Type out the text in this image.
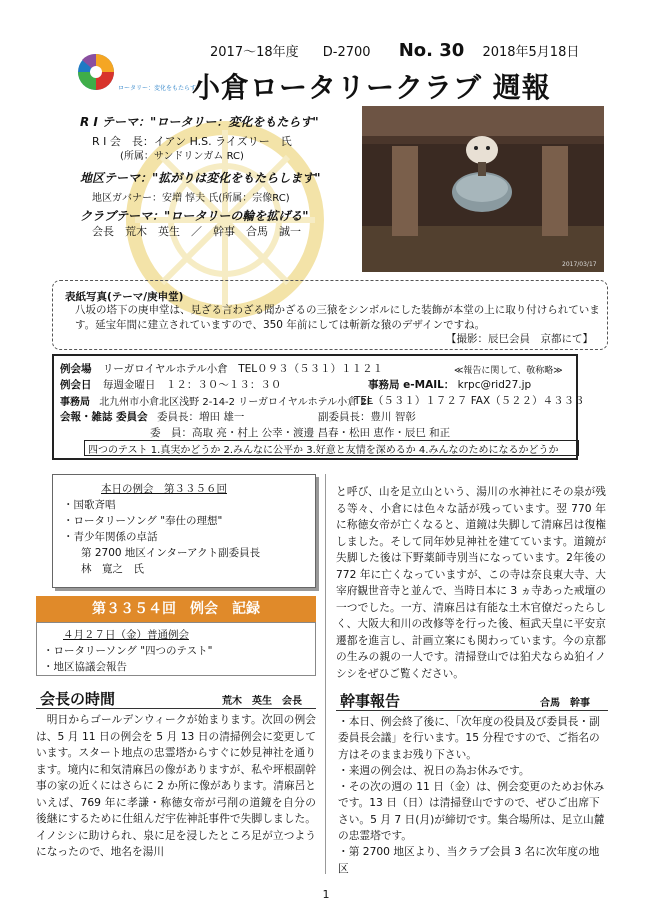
ロータリー：変化をもたらす
2017〜18年度 D-2700 No. 30 2018年5月18日
小倉ロータリークラブ 週報
R I テーマ："ロータリー：変化をもたらす"
R I 会　長：イアン H.S. ライズリー　氏
(所属：サンドリンガム RC)
地区テーマ："拡がりは変化をもたらします"
地区ガバナー：安増 惇夫 氏(所属：宗像RC)
クラブテーマ："ロータリーの輪を拡げる"
会長　荒木　英生　／　幹事　合馬　誠一
2017/03/17
表紙写真(テーマ/庚申堂)
八坂の塔下の庚申堂は、見ざる言わざる聞かざるの三猿をシンボルにした装飾が本堂の上に取り付けられています。延宝年間に建立されていますので、350 年前にしては斬新な猿のデザインですね。
【撮影：辰巳会員　京都にて】
例会場 リーガロイヤルホテル小倉　TEL０９３（５３１）１１２１	≪報告に関して、敬称略≫
例会日 毎週金曜日　１２：３０〜１３：３０	事務局 e-MAIL： krpc@rid27.jp
事務局 北九州市小倉北区浅野 2-14-2 リーガロイヤルホテル小倉 2F
TEL（５３１）１７２７ FAX（５２２）４３３３
会報・雑誌 委員会 委員長：増田 雄一	副委員長：豊川 智彰
委　員：高取 亮・村上 公幸・渡邊 昌春・松田 恵作・辰巳 和正
四つのテスト 1.真実かどうか 2.みんなに公平か 3.好意と友情を深めるか 4.みんなのためになるかどうか
本日の例会　第３３５６回
・国歌斉唱
・ロータリーソング "奉仕の理想"
・青少年関係の卓話
第 2700 地区インターアクト副委員長
林　寛之　氏
第３３５４回　例会　記録
４月２７日（金）普通例会
・ロータリーソング "四つのテスト"
・地区協議会報告
会長の時間	荒木　英生　会長
明日からゴールデンウィークが始まります。次回の例会は、5 月 11 日の例会を 5 月 13 日の清掃例会に変更しています。スタート地点の忠霊塔からすぐに妙見神社を通ります。境内に和気清麻呂の像がありますが、私や坪根副幹事の家の近くにはさらに 2 か所に像があります。清麻呂といえば、769 年に孝謙・称徳女帝が弓削の道鏡を自分の後継にするために仕組んだ宇佐神託事件で失脚しました。イノシシに助けられ、泉に足を浸したところ足が立つようになったので、地名を湯川
と呼び、山を足立山という、湯川の水神社にその泉が残る等々、小倉には色々な話が残っています。翌 770 年に称徳女帝が亡くなると、道鏡は失脚して清麻呂は復権しました。そして同年妙見神社を建てています。道鏡が失脚した後は下野薬師寺別当になっています。2年後の 772 年に亡くなっていますが、この寺は奈良東大寺、大宰府観世音寺と並んで、当時日本に 3 ヵ寺あった戒壇の一つでした。一方、清麻呂は有能な土木官僚だったらしく、大阪大和川の改修等を行った後、桓武天皇に平安京遷都を進言し、計画立案にも関わっています。今の京都の生みの親の一人です。清掃登山では狛犬ならぬ狛イノシシをぜひご覧ください。
幹事報告	合馬　幹事

・本日、例会終了後に、「次年度の役員及び委員長・副委員長会議」を行います。15 分程ですので、ご指名の方はそのままお残り下さい。

・来週の例会は、祝日の為お休みです。

・その次の週の 11 日（金）は、例会変更のためお休みです。13 日（日）は清掃登山ですので、ぜひご出席下さい。5 月 7 日(月)が締切です。集合場所は、足立山麓の忠霊塔です。

・第 2700 地区より、当クラブ会員 3 名に次年度の地区

1
